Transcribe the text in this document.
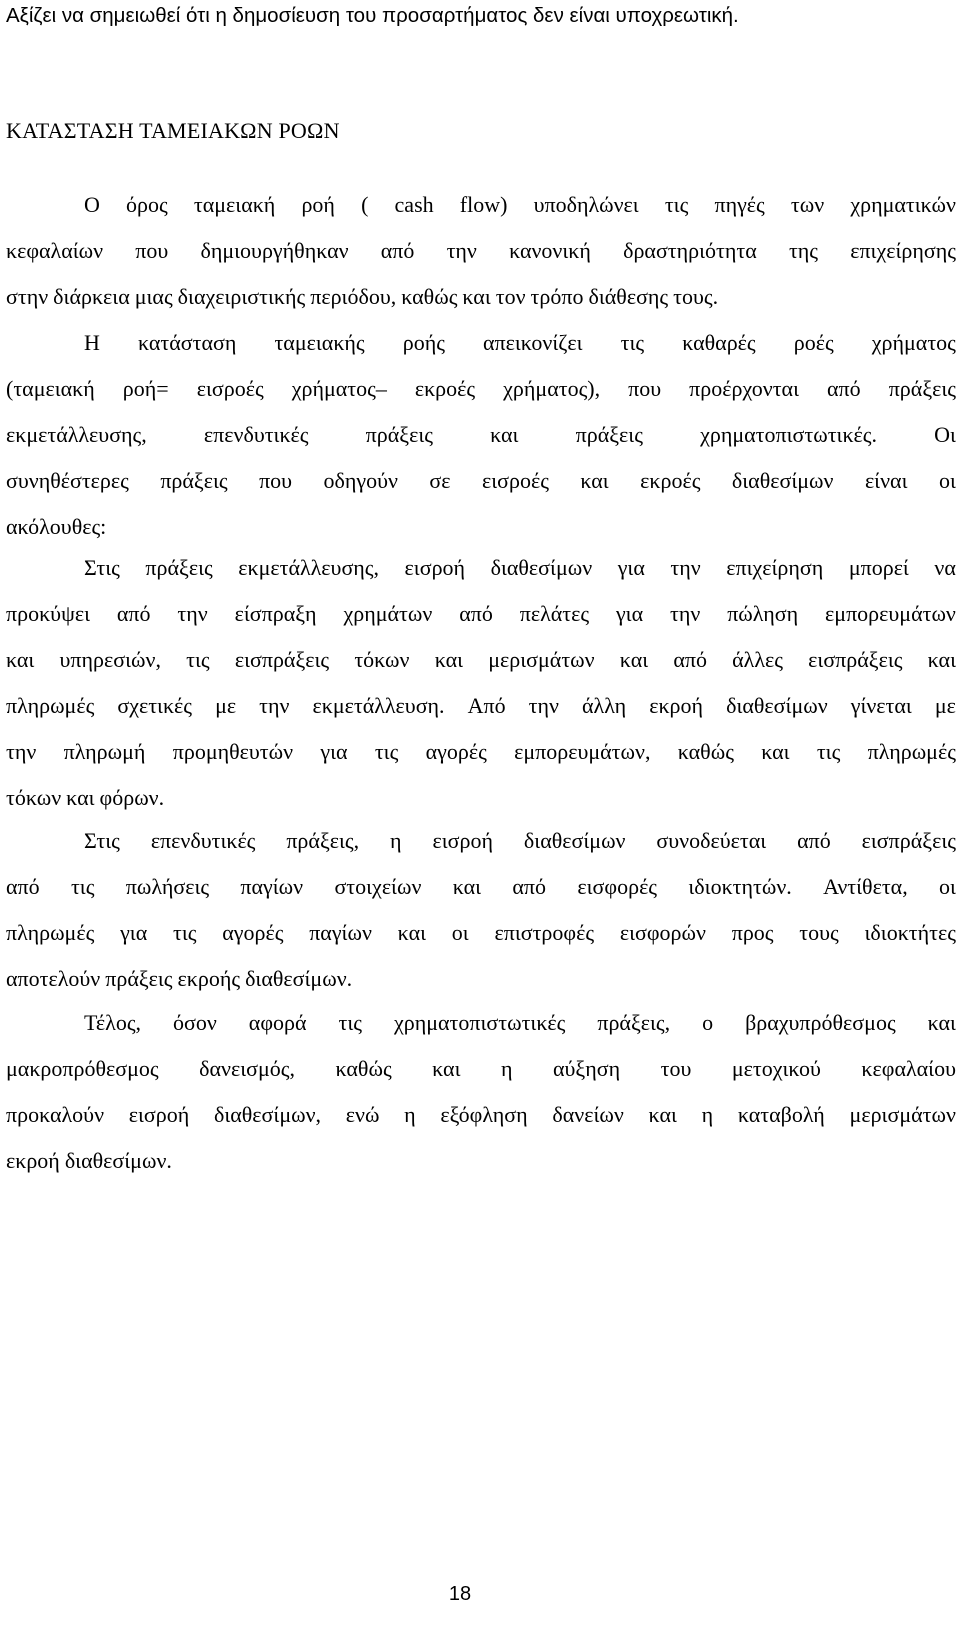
Αξίζει να σημειωθεί ότι η δημοσίευση του προσαρτήματος δεν είναι υποχρεωτική.
ΚΑΤΑΣΤΑΣΗ ΤΑΜΕΙΑΚΩΝ ΡΟΩΝ
Ο όρος ταμειακή ροή ( cash flow) υποδηλώνει τις πηγές των χρηματικών
κεφαλαίων που δημιουργήθηκαν από την κανονική δραστηριότητα της επιχείρησης
στην διάρκεια μιας διαχειριστικής περιόδου, καθώς και τον τρόπο διάθεσης τους.
Η κατάσταση ταμειακής ροής απεικονίζει τις καθαρές ροές χρήματος
(ταμειακή ροή= εισροές χρήματος– εκροές χρήματος), που προέρχονται από πράξεις
εκμετάλλευσης,	επενδυτικές	πράξεις	και	πράξεις	χρηματοπιστωτικές.	Οι
συνηθέστερες πράξεις που οδηγούν σε εισροές και εκροές διαθεσίμων είναι οι
ακόλουθες:
Στις πράξεις εκμετάλλευσης, εισροή διαθεσίμων για την επιχείρηση μπορεί να
προκύψει από την είσπραξη χρημάτων από πελάτες για την πώληση εμπορευμάτων
και υπηρεσιών, τις εισπράξεις τόκων και μερισμάτων και από άλλες εισπράξεις και
πληρωμές σχετικές με την εκμετάλλευση. Από την άλλη εκροή διαθεσίμων γίνεται με
την πληρωμή προμηθευτών για τις αγορές εμπορευμάτων, καθώς και τις πληρωμές
τόκων και φόρων.
Στις επενδυτικές πράξεις, η εισροή διαθεσίμων συνοδεύεται από εισπράξεις
από τις πωλήσεις παγίων στοιχείων και από εισφορές ιδιοκτητών. Αντίθετα, οι
πληρωμές για τις αγορές παγίων και οι επιστροφές εισφορών προς τους ιδιοκτήτες
αποτελούν πράξεις εκροής διαθεσίμων.
Τέλος, όσον αφορά τις χρηματοπιστωτικές πράξεις, ο βραχυπρόθεσμος και
μακροπρόθεσμος δανεισμός, καθώς και η αύξηση του μετοχικού κεφαλαίου
προκαλούν εισροή διαθεσίμων, ενώ η εξόφληση δανείων και η καταβολή μερισμάτων
εκροή διαθεσίμων.
18
